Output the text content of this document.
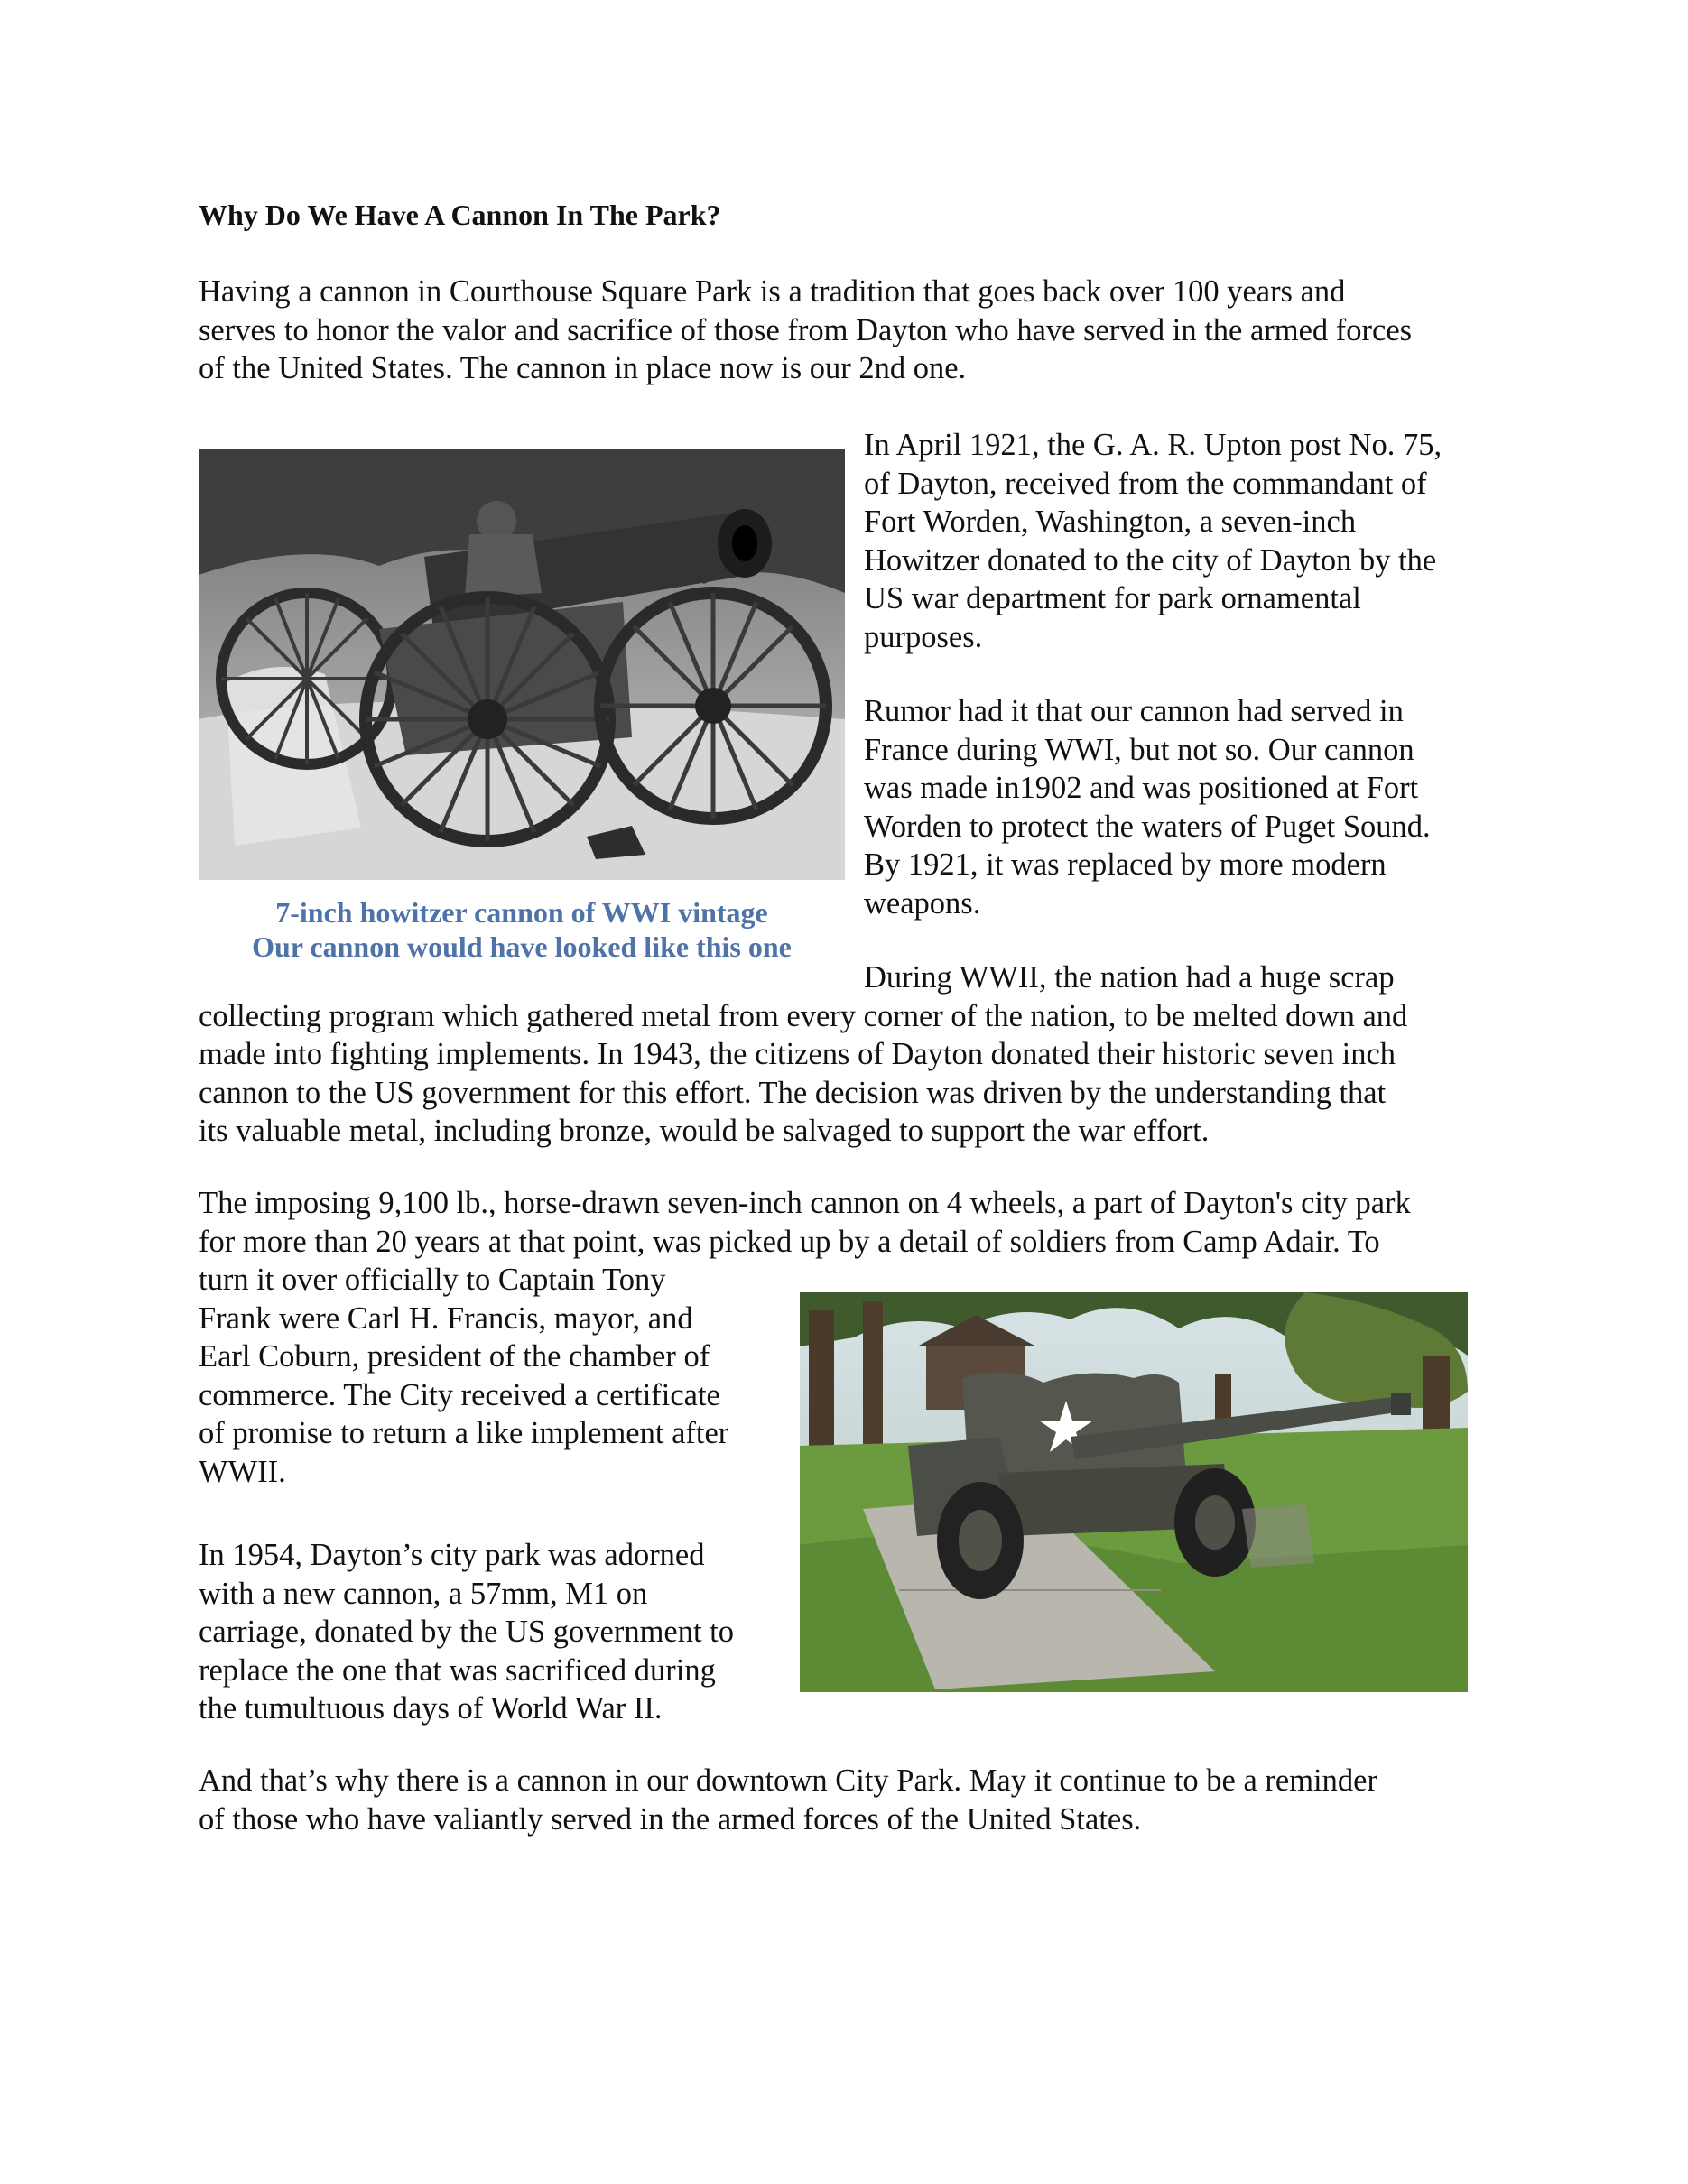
Why Do We Have A Cannon In The Park?

Having a cannon in Courthouse Square Park is a tradition that goes back over 100 years and
serves to honor the valor and sacrifice of those from Dayton who have served in the armed forces
of the United States. The cannon in place now is our 2nd one.

7-inch howitzer cannon of WWI vintage
Our cannon would have looked like this one

In April 1921, the G. A. R. Upton post No. 75,
of Dayton, received from the commandant of
Fort Worden, Washington, a seven-inch
Howitzer donated to the city of Dayton by the
US war department for park ornamental
purposes.

Rumor had it that our cannon had served in
France during WWI, but not so. Our cannon
was made in1902 and was positioned at Fort
Worden to protect the waters of Puget Sound.
By 1921, it was replaced by more modern
weapons.

During WWII, the nation had a huge scrap
collecting program which gathered metal from every corner of the nation, to be melted down and
made into fighting implements. In 1943, the citizens of Dayton donated their historic seven inch
cannon to the US government for this effort. The decision was driven by the understanding that
its valuable metal, including bronze, would be salvaged to support the war effort.

The imposing 9,100 lb., horse-drawn seven-inch cannon on 4 wheels, a part of Dayton's city park
for more than 20 years at that point, was picked up by a detail of soldiers from Camp Adair. To
turn it over officially to Captain Tony
Frank were Carl H. Francis, mayor, and
Earl Coburn, president of the chamber of
commerce. The City received a certificate
of promise to return a like implement after
WWII.

In 1954, Dayton’s city park was adorned
with a new cannon, a 57mm, M1 on
carriage, donated by the US government to
replace the one that was sacrificed during
the tumultuous days of World War II.

And that’s why there is a cannon in our downtown City Park. May it continue to be a reminder
of those who have valiantly served in the armed forces of the United States.
